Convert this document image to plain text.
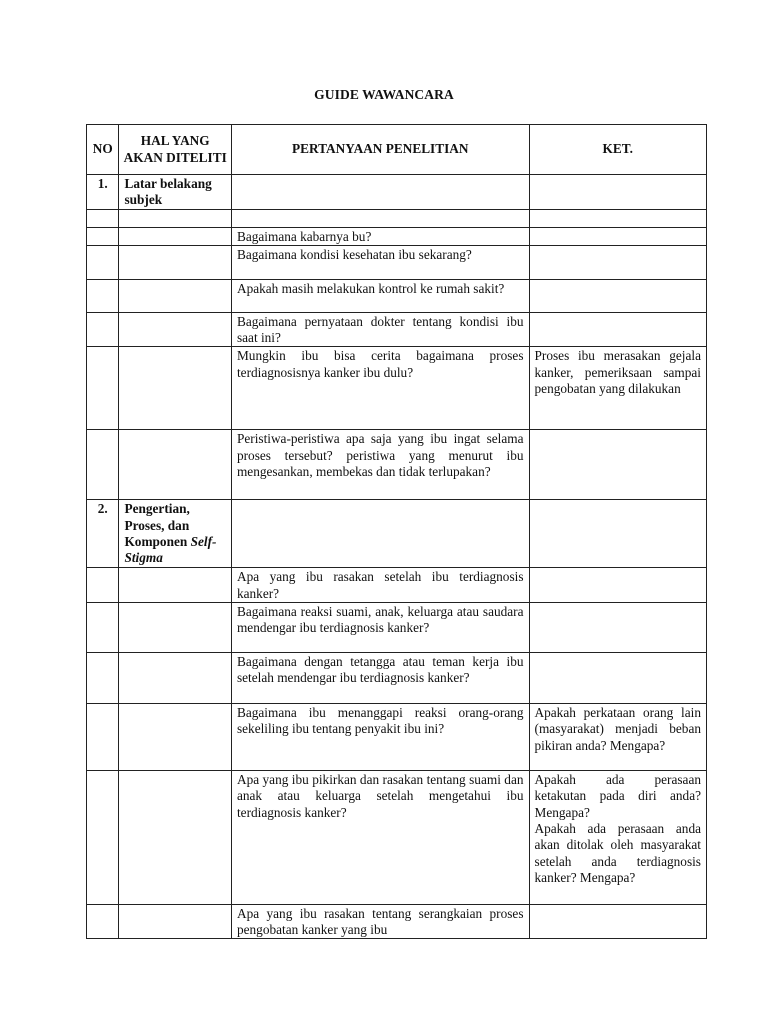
GUIDE WAWANCARA
NO	HAL YANG AKAN DITELITI	PERTANYAAN PENELITIAN	KET.
1.	Latar belakang subjek	

		Bagaimana kabarnya bu?	

		Bagaimana kondisi kesehatan ibu sekarang?	

		Apakah masih melakukan kontrol ke rumah sakit?	

		Bagaimana pernyataan dokter tentang kondisi ibu saat ini?	

		Mungkin ibu bisa cerita bagaimana proses terdiagnosisnya kanker ibu dulu?	Proses ibu merasakan gejala kanker, pemeriksaan sampai pengobatan yang dilakukan

		Peristiwa-peristiwa apa saja yang ibu ingat selama proses tersebut? peristiwa yang menurut ibu mengesankan, membekas dan tidak terlupakan?	

2.	Pengertian, Proses, dan Komponen Self-Stigma	

		Apa yang ibu rasakan setelah ibu terdiagnosis kanker?	

		Bagaimana reaksi suami, anak, keluarga atau saudara mendengar ibu terdiagnosis kanker?	

		Bagaimana dengan tetangga atau teman kerja ibu setelah mendengar ibu terdiagnosis kanker?	

		Bagaimana ibu menanggapi reaksi orang-orang sekeliling ibu tentang penyakit ibu ini?	Apakah perkataan orang lain (masyarakat) menjadi beban pikiran anda? Mengapa?

		Apa yang ibu pikirkan dan rasakan tentang suami dan anak atau keluarga setelah mengetahui ibu terdiagnosis kanker?	Apakah ada perasaan ketakutan pada diri anda? Mengapa?
Apakah ada perasaan anda akan ditolak oleh masyarakat setelah anda terdiagnosis kanker? Mengapa?

		Apa yang ibu rasakan tentang serangkaian proses pengobatan kanker yang ibu	
